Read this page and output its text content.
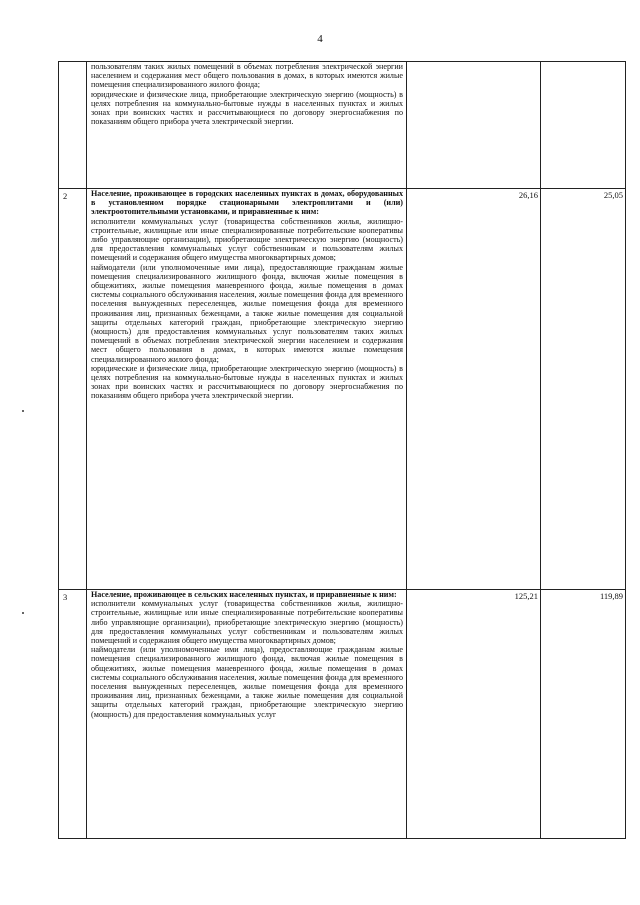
4

	пользователям таких жилых помещений в объемах потребления электрической энергии населением и содержания мест общего пользования в домах, в которых имеются жилые помещения специализированного жилого фонда;

юридические и физические лица, приобретающие электрическую энергию (мощность) в целях потребления на коммунально-бытовые нужды в населенных пунктах и жилых зонах при воинских частях и рассчитывающиеся по договору энергоснабжения по показаниям общего прибора учета электрической энергии.		

2	Население, проживающее в городских населенных пунктах в домах, оборудованных в установленном порядке стационарными электроплитами и (или) электроотопительными установками, и приравненные к ним:

исполнители коммунальных услуг (товарищества собственников жилья, жилищно-строительные, жилищные или иные специализированные потребительские кооперативы либо управляющие организации), приобретающие электрическую энергию (мощность) для предоставления коммунальных услуг собственникам и пользователям жилых помещений и содержания общего имущества многоквартирных домов;

наймодатели (или уполномоченные ими лица), предоставляющие гражданам жилые помещения специализированного жилищного фонда, включая жилые помещения в общежитиях, жилые помещения маневренного фонда, жилые помещения в домах системы социального обслуживания населения, жилые помещения фонда для временного поселения вынужденных переселенцев, жилые помещения фонда для временного проживания лиц, признанных беженцами, а также жилые помещения для социальной защиты отдельных категорий граждан, приобретающие электрическую энергию (мощность) для предоставления коммунальных услуг пользователям таких жилых помещений в объемах потребления электрической энергии населением и содержания мест общего пользования в домах, в которых имеются жилые помещения специализированного жилого фонда;

юридические и физические лица, приобретающие электрическую энергию (мощность) в целях потребления на коммунально-бытовые нужды в населенных пунктах и жилых зонах при воинских частях и рассчитывающиеся по договору энергоснабжения по показаниям общего прибора учета электрической энергии.	26,16	25,05
3	Население, проживающее в сельских населенных пунктах, и приравненные к ним:

исполнители коммунальных услуг (товарищества собственников жилья, жилищно-строительные, жилищные или иные специализированные потребительские кооперативы либо управляющие организации), приобретающие электрическую энергию (мощность) для предоставления коммунальных услуг собственникам и пользователям жилых помещений и содержания общего имущества многоквартирных домов;

наймодатели (или уполномоченные ими лица), предоставляющие гражданам жилые помещения специализированного жилищного фонда, включая жилые помещения в общежитиях, жилые помещения маневренного фонда, жилые помещения в домах системы социального обслуживания населения, жилые помещения фонда для временного поселения вынужденных переселенцев, жилые помещения фонда для временного проживания лиц, признанных беженцами, а также жилые помещения для социальной защиты отдельных категорий граждан, приобретающие электрическую энергию (мощность) для предоставления коммунальных услуг	125,21	119,89
